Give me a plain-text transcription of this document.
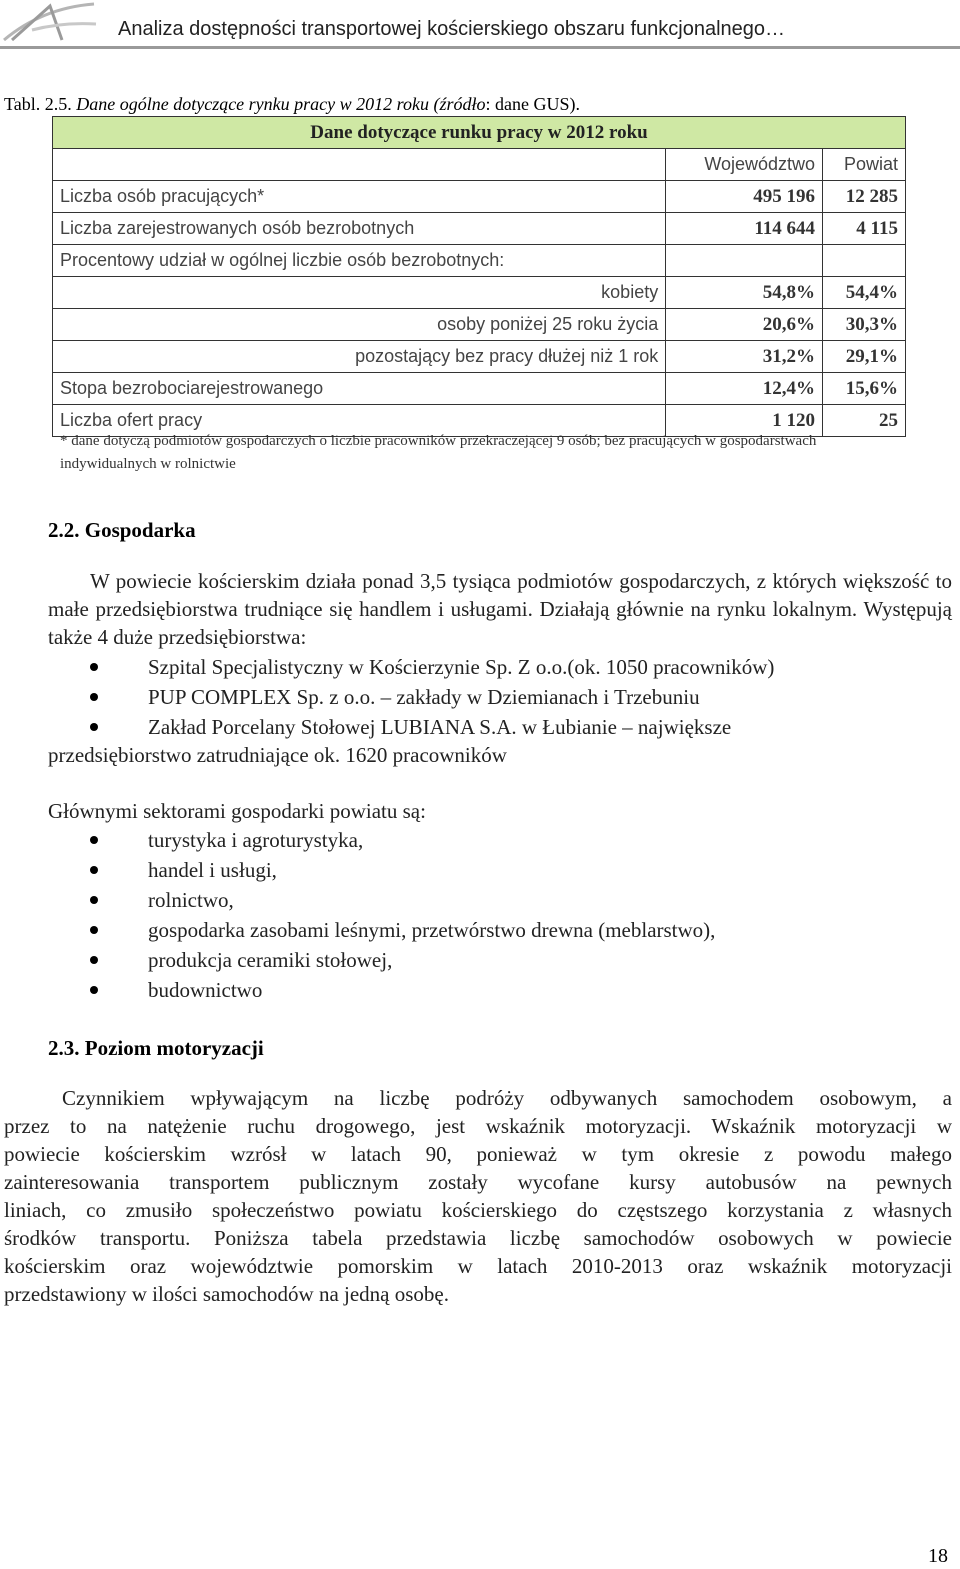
Analiza dostępności transportowej kościerskiego obszaru funkcjonalnego…
Tabl. 2.5. Dane ogólne dotyczące rynku pracy w 2012 roku (źródło: dane GUS).
Dane dotyczące runku pracy w 2012 roku		
	Województwo	Powiat
Liczba osób pracujących*	495 196	12 285
Liczba zarejestrowanych osób bezrobotnych	114 644	4 115
Procentowy udział w ogólnej liczbie osób bezrobotnych:		
kobiety	54,8%	54,4%
osoby poniżej 25 roku życia	20,6%	30,3%
pozostający bez pracy dłużej niż 1 rok	31,2%	29,1%
Stopa bezrobociarejestrowanego	12,4%	15,6%
Liczba ofert pracy	1 120	25
* dane dotyczą podmiotów gospodarczych o liczbie pracowników przekraczejącej 9 osób; bez pracujących w gospodarstwach indywidualnych w rolnictwie
2.2. Gospodarka
W powiecie kościerskim działa ponad 3,5 tysiąca podmiotów gospodarczych, z których większość to małe przedsiębiorstwa trudniące się handlem i usługami. Działają głównie na rynku lokalnym. Występują także 4 duże przedsiębiorstwa:
Szpital Specjalistyczny w Kościerzynie Sp. Z o.o.(ok. 1050 pracowników)
PUP COMPLEX Sp. z o.o. – zakłady w Dziemianach i Trzebuniu
Zakład Porcelany Stołowej LUBIANA S.A. w Łubianie – największe
przedsiębiorstwo zatrudniające ok. 1620 pracowników
Głównymi sektorami gospodarki powiatu są:
turystyka i agroturystyka,
handel i usługi,
rolnictwo,
gospodarka zasobami leśnymi, przetwórstwo drewna (meblarstwo),
produkcja ceramiki stołowej,
budownictwo
2.3. Poziom motoryzacji
Czynnikiem wpływającym na liczbę podróży odbywanych samochodem osobowym, a
przez to na natężenie ruchu drogowego, jest wskaźnik motoryzacji. Wskaźnik motoryzacji w
powiecie kościerskim wzrósł w latach 90, ponieważ w tym okresie z powodu małego
zainteresowania transportem publicznym zostały wycofane kursy autobusów na pewnych
liniach, co zmusiło społeczeństwo powiatu kościerskiego do częstszego korzystania z własnych
środków transportu. Poniższa tabela przedstawia liczbę samochodów osobowych w powiecie
kościerskim oraz województwie pomorskim w latach 2010-2013 oraz wskaźnik motoryzacji
przedstawiony w ilości samochodów na jedną osobę.
18
